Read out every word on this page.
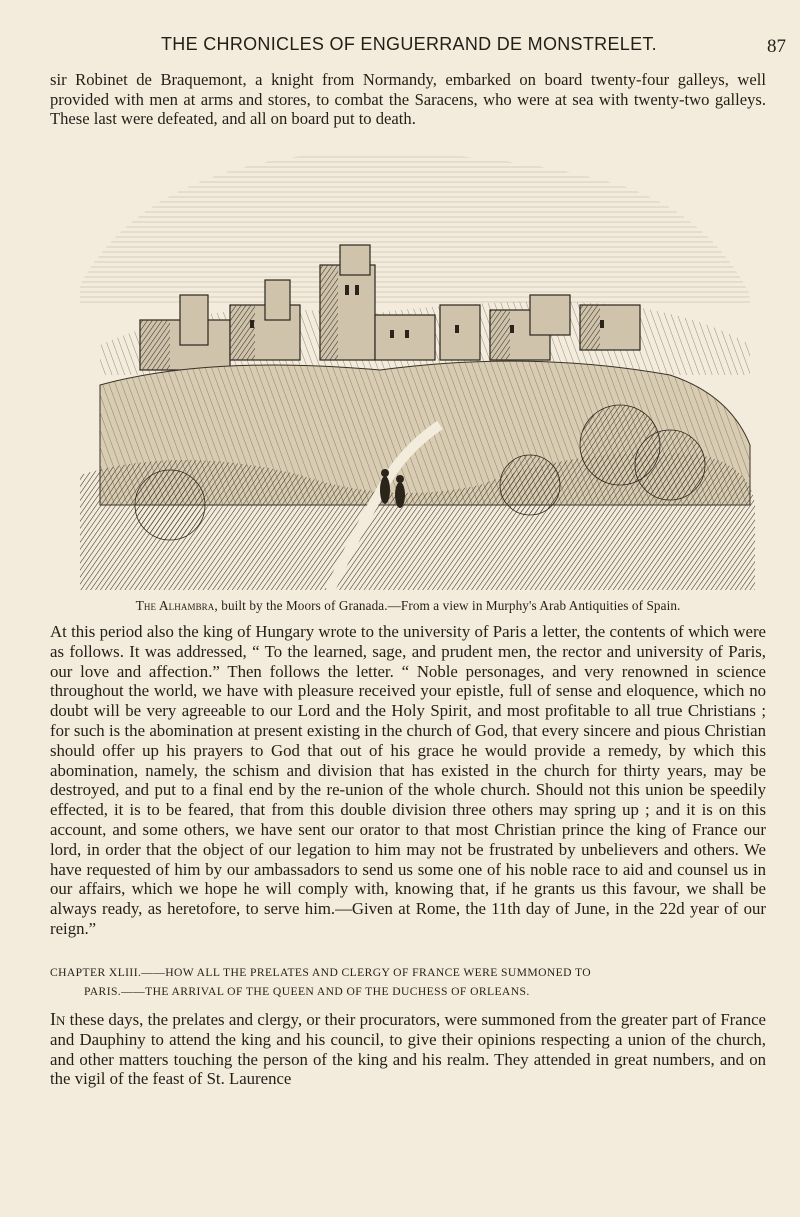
THE CHRONICLES OF ENGUERRAND DE MONSTRELET.	87

sir Robinet de Braquemont, a knight from Normandy, embarked on board twenty-four galleys, well provided with men at arms and stores, to combat the Saracens, who were at sea with twenty-two galleys. These last were defeated, and all on board put to death.

The Alhambra, built by the Moors of Granada.—From a view in Murphy's Arab Antiquities of Spain.

At this period also the king of Hungary wrote to the university of Paris a letter, the contents of which were as follows. It was addressed, “ To the learned, sage, and prudent men, the rector and university of Paris, our love and affection.” Then follows the letter. “ Noble personages, and very renowned in science throughout the world, we have with pleasure received your epistle, full of sense and eloquence, which no doubt will be very agreeable to our Lord and the Holy Spirit, and most profitable to all true Christians ; for such is the abomination at present existing in the church of God, that every sincere and pious Christian should offer up his prayers to God that out of his grace he would provide a remedy, by which this abomination, namely, the schism and division that has existed in the church for thirty years, may be destroyed, and put to a final end by the re-union of the whole church. Should not this union be speedily effected, it is to be feared, that from this double division three others may spring up ; and it is on this account, and some others, we have sent our orator to that most Christian prince the king of France our lord, in order that the object of our legation to him may not be frustrated by unbelievers and others. We have requested of him by our ambassadors to send us some one of his noble race to aid and counsel us in our affairs, which we hope he will comply with, knowing that, if he grants us this favour, we shall be always ready, as heretofore, to serve him.—Given at Rome, the 11th day of June, in the 22d year of our reign.”

CHAPTER XLIII.——HOW ALL THE PRELATES AND CLERGY OF FRANCE WERE SUMMONED TO
PARIS.——THE ARRIVAL OF THE QUEEN AND OF THE DUCHESS OF ORLEANS.

In these days, the prelates and clergy, or their procurators, were summoned from the greater part of France and Dauphiny to attend the king and his council, to give their opinions respecting a union of the church, and other matters touching the person of the king and his realm. They attended in great numbers, and on the vigil of the feast of St. Laurence
